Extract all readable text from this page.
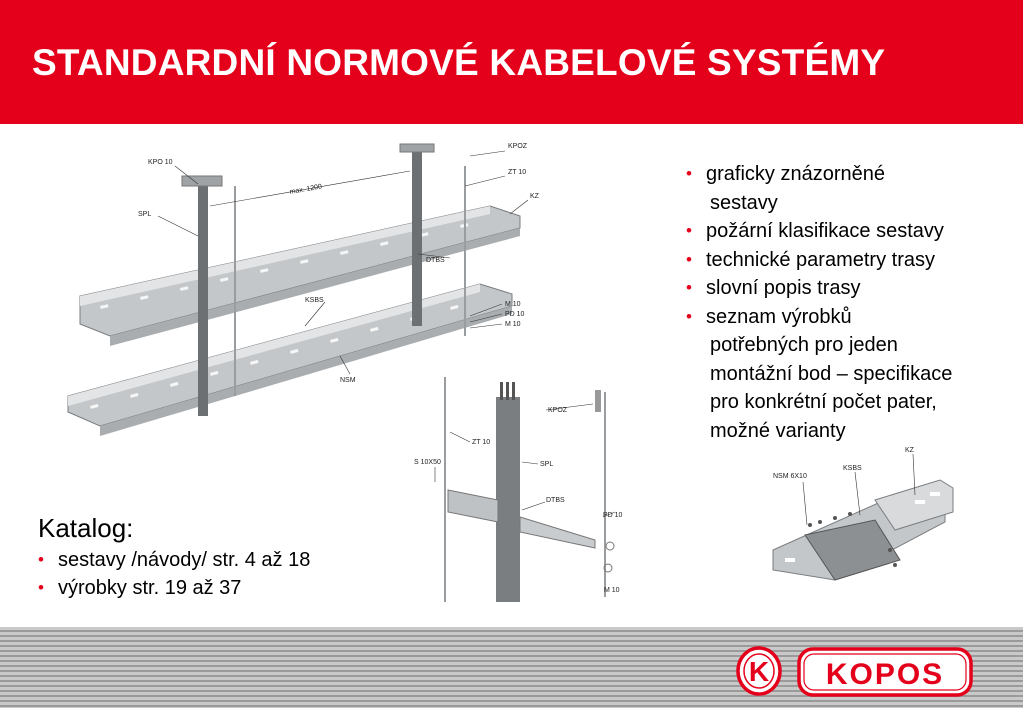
STANDARDNÍ NORMOVÉ KABELOVÉ SYSTÉMY
KPO 10
SPL
max. 1200
KPOZ
ZT 10
KZ
DTBS
KSBS
M 10
PD 10
M 10
NSM
KPOZ
ZT 10
S 10X50	SPL
DTBS
PD 10
M 10
NSM 6X10
KSBS
KZ
• graficky znázorněné
sestavy
• požární klasifikace sestavy
• technické parametry trasy
• slovní popis trasy
• seznam výrobků
potřebných pro jeden
montážní bod – specifikace
pro konkrétní počet pater,
možné varianty
Katalog:
• sestavy /návody/ str. 4 až 18
• výrobky str. 19 až 37
K KOPOS
